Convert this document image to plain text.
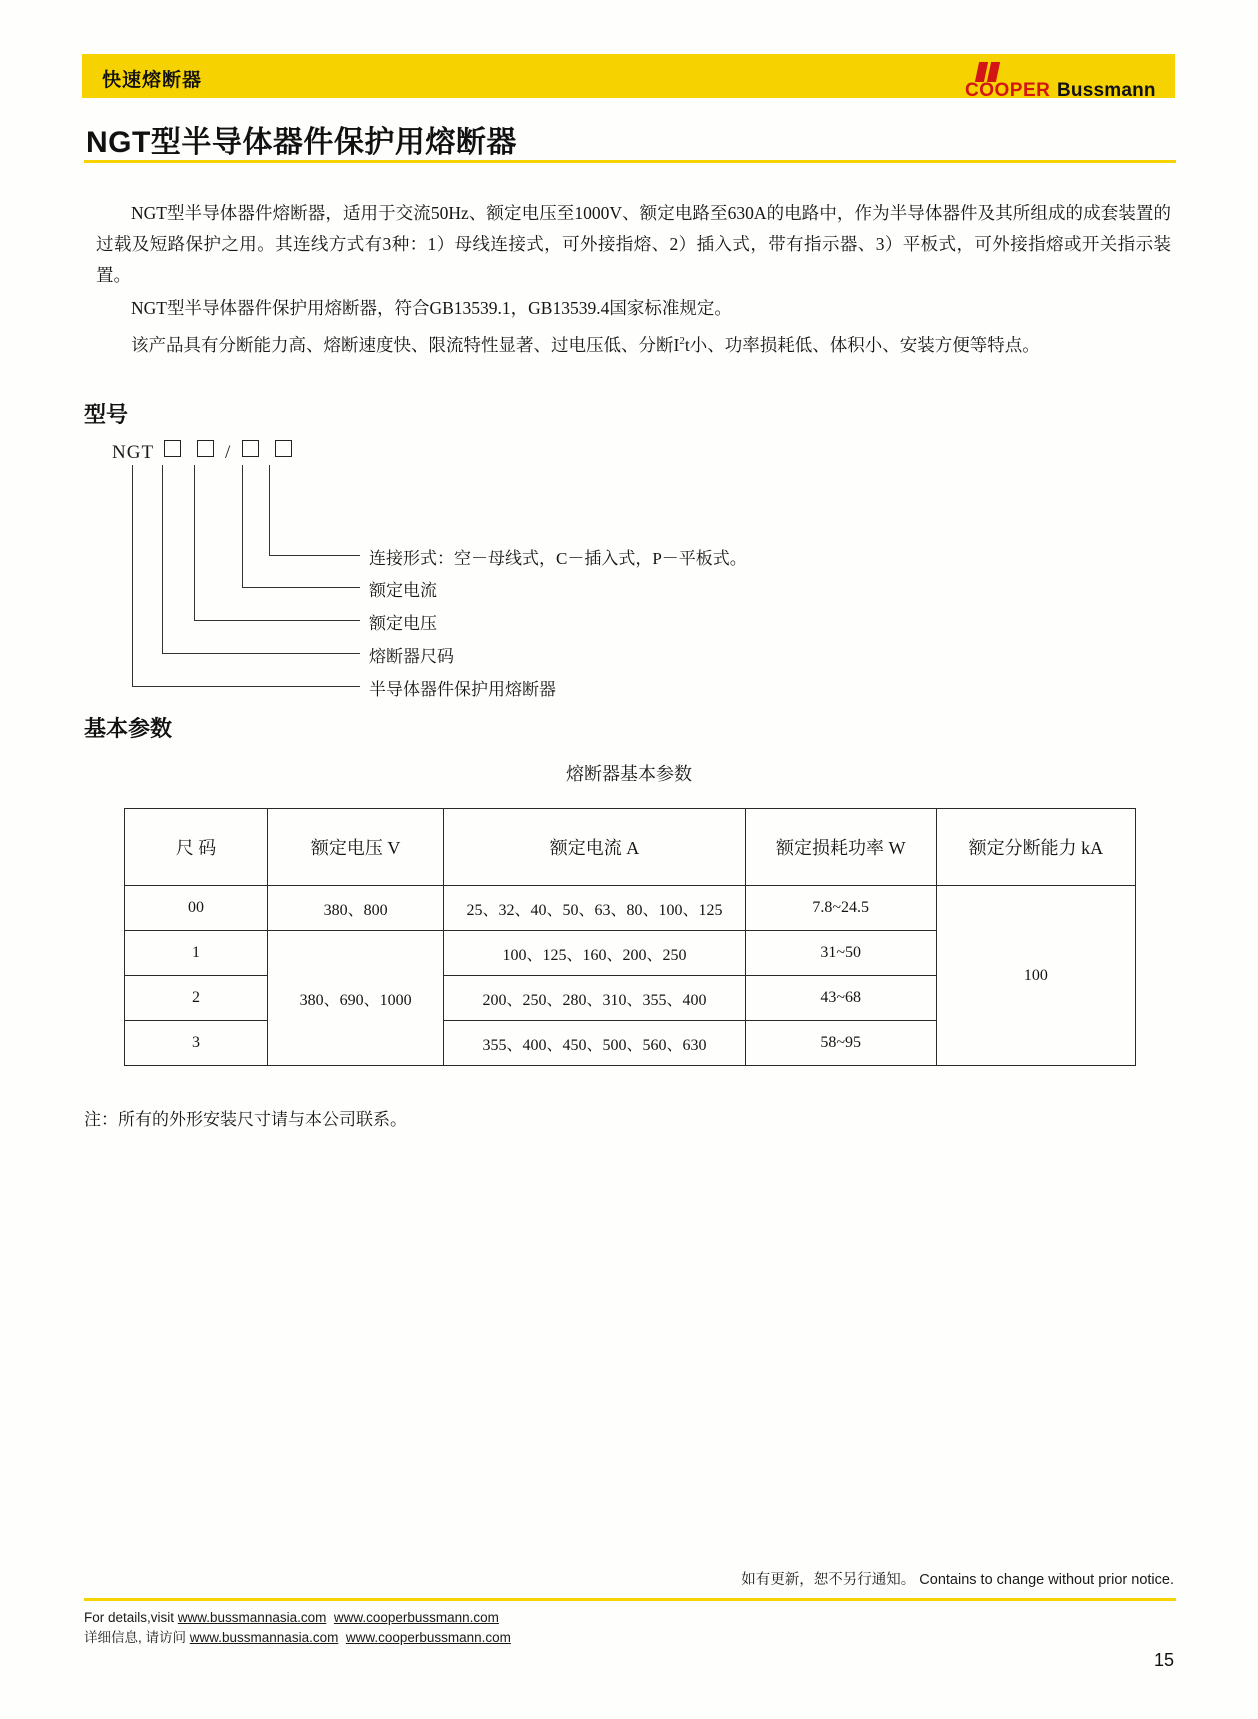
快速熔断器	COOPER Bussmann
NGT型半导体器件保护用熔断器

NGT型半导体器件熔断器，适用于交流50Hz、额定电压至1000V、额定电路至630A的电路中，作为半导体器件及其所组成的成套装置的过载及短路保护之用。其连线方式有3种：1）母线连接式，可外接指熔、2）插入式，带有指示器、3）平板式，可外接指熔或开关指示装置。

NGT型半导体器件保护用熔断器，符合GB13539.1，GB13539.4国家标准规定。

该产品具有分断能力高、熔断速度快、限流特性显著、过电压低、分断$I^2t$小、功率损耗低、体积小、安装方便等特点。

型号
NGT	/
连接形式：空－母线式，C－插入式，P－平板式。
额定电流
额定电压
熔断器尺码
半导体器件保护用熔断器
基本参数
熔断器基本参数
尺 码	额定电压 V	额定电流 A	额定损耗功率 W	额定分断能力 kA
00	380、800	25、32、40、50、63、80、100、125	7.8~24.5	100
1	380、690、1000	100、125、160、200、250	31~50	
2		200、250、280、310、355、400	43~68	
3		355、400、450、500、560、630	58~95	
注：所有的外形安装尺寸请与本公司联系。
如有更新，恕不另行通知。 Contains to change without prior notice.
For details,visit www.bussmannasia.com www.cooperbussmann.com
详细信息, 请访问 www.bussmannasia.com www.cooperbussmann.com
15
